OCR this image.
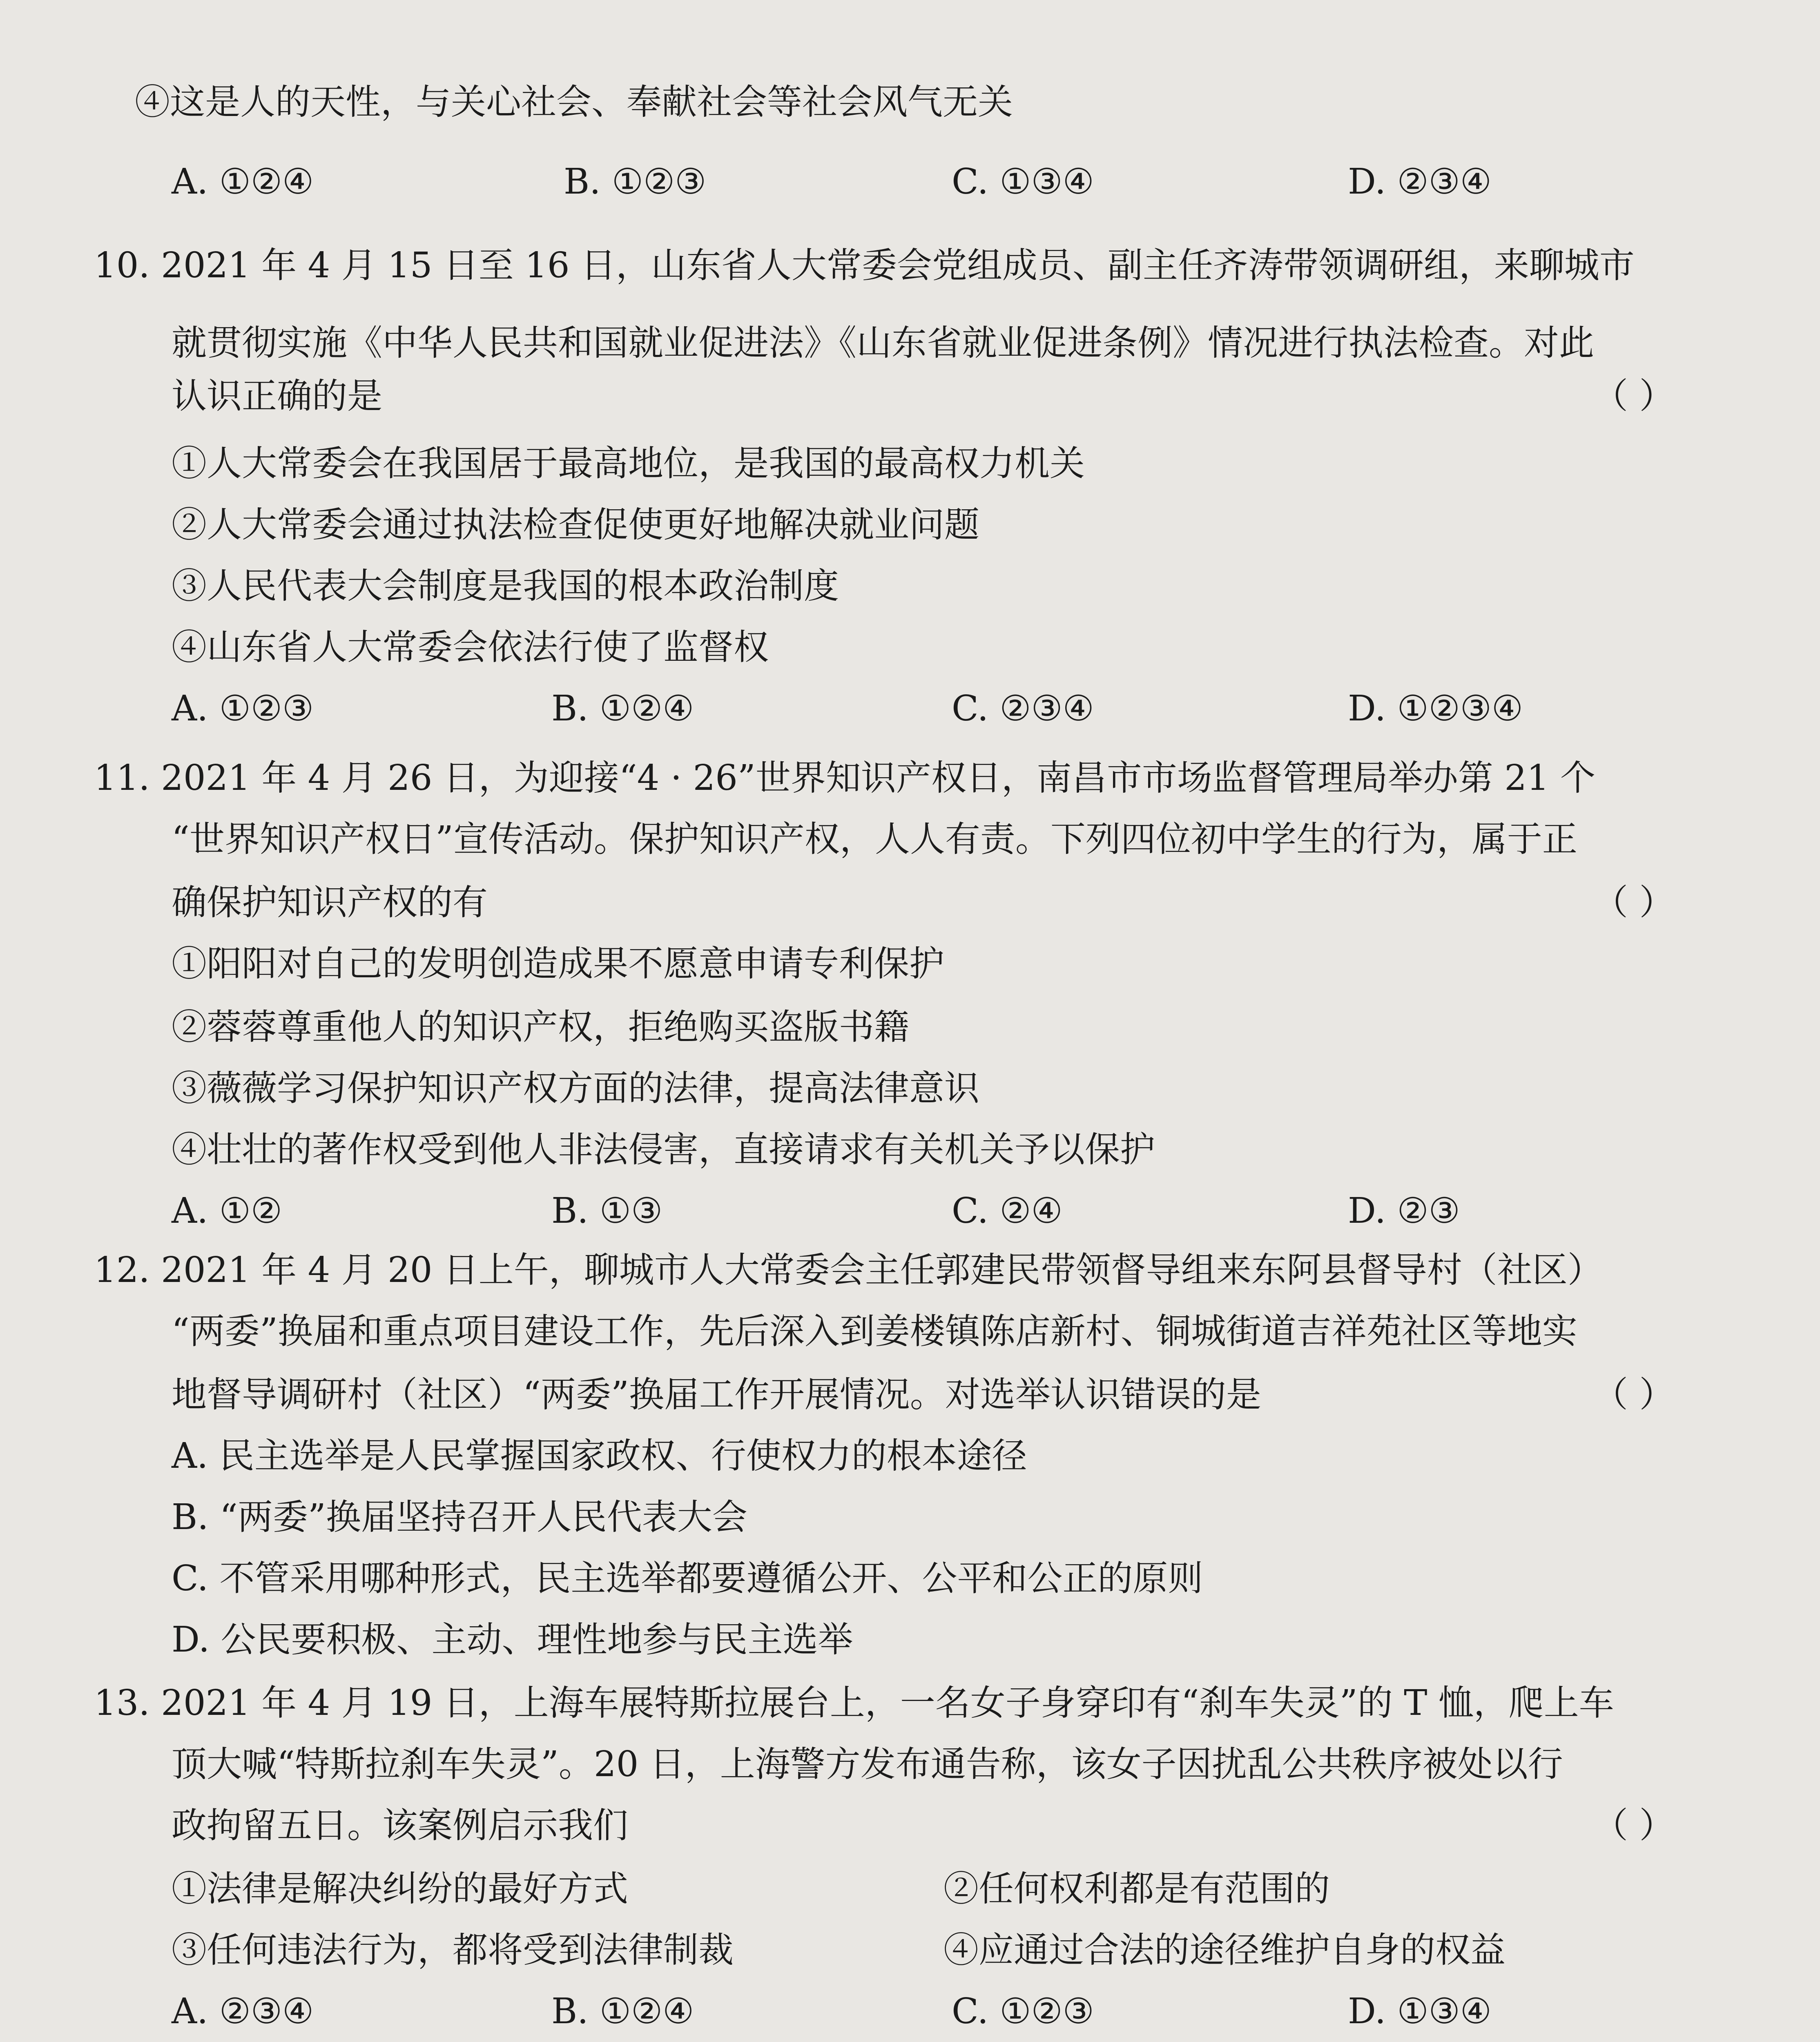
④这是人的天性，与关心社会、奉献社会等社会风气无关
A. ①②④	B. ①②③	C. ①③④	D. ②③④
10. 2021 年 4 月 15 日至 16 日，山东省人大常委会党组成员、副主任齐涛带领调研组，来聊城市
就贯彻实施《中华人民共和国就业促进法》《山东省就业促进条例》情况进行执法检查。对此
认识正确的是	（ ）
①人大常委会在我国居于最高地位，是我国的最高权力机关
②人大常委会通过执法检查促使更好地解决就业问题
③人民代表大会制度是我国的根本政治制度
④山东省人大常委会依法行使了监督权
A. ①②③	B. ①②④	C. ②③④	D. ①②③④
11. 2021 年 4 月 26 日，为迎接“4 · 26”世界知识产权日，南昌市市场监督管理局举办第 21 个
“世界知识产权日”宣传活动。保护知识产权，人人有责。下列四位初中学生的行为，属于正
确保护知识产权的有	（ ）
①阳阳对自己的发明创造成果不愿意申请专利保护
②蓉蓉尊重他人的知识产权，拒绝购买盗版书籍
③薇薇学习保护知识产权方面的法律，提高法律意识
④壮壮的著作权受到他人非法侵害，直接请求有关机关予以保护
A. ①②	B. ①③	C. ②④	D. ②③
12. 2021 年 4 月 20 日上午，聊城市人大常委会主任郭建民带领督导组来东阿县督导村（社区）
“两委”换届和重点项目建设工作，先后深入到姜楼镇陈店新村、铜城街道吉祥苑社区等地实
地督导调研村（社区）“两委”换届工作开展情况。对选举认识错误的是	（ ）
A. 民主选举是人民掌握国家政权、行使权力的根本途径
B. “两委”换届坚持召开人民代表大会
C. 不管采用哪种形式，民主选举都要遵循公开、公平和公正的原则
D. 公民要积极、主动、理性地参与民主选举
13. 2021 年 4 月 19 日，上海车展特斯拉展台上，一名女子身穿印有“刹车失灵”的 T 恤，爬上车
顶大喊“特斯拉刹车失灵”。20 日，上海警方发布通告称，该女子因扰乱公共秩序被处以行
政拘留五日。该案例启示我们	（ ）
①法律是解决纠纷的最好方式	②任何权利都是有范围的
③任何违法行为，都将受到法律制裁	④应通过合法的途径维护自身的权益
A. ②③④	B. ①②④	C. ①②③	D. ①③④
